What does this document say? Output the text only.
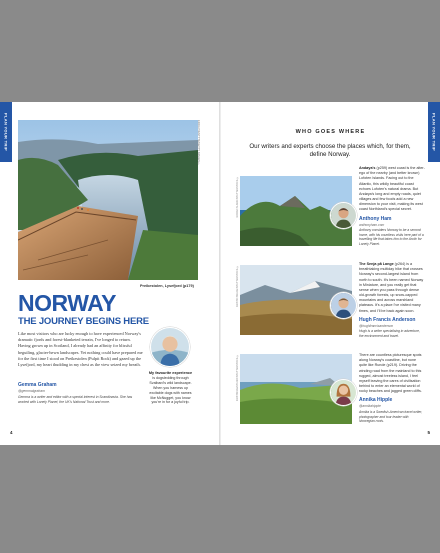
PLAN YOUR TRIP	PLAN YOUR TRIP
ERIKA PIRAITYTE/GETTY IMAGES ©
Preikestolen, Lysefjord (p179)
NORWAY
THE JOURNEY BEGINS HERE
Like most visitors who are lucky enough to have experienced Norway's dramatic fjords and forest-blanketed terrain, I've longed to return. Having grown up in Scotland, I already had an affinity for blissful beguiling, glacier-hewn landscapes. Yet nothing could have prepared me for the first time I stood on Preikestolen (Pulpit Rock) and gazed up the Lysefjord, my heart thudding in my chest as the view seized my breath.
Gemma Graham
@gemmalgraham
Gemma is a writer and editor with a special interest in Scandinavia. She has worked with Lonely Planet, the UK's National Trust and more.
My favourite experience
is dogsledding through Svalbard's wild landscape. When you harness up excitable dogs with names like McNugget, you know you're in for a joyful trip.
4
WHO GOES WHERE
Our writers and experts choose the places which, for them, define Norway.
ROMAN SLAVIK/SHUTTERSTOCK ©
KRISTIN BREDE/SHUTTERSTOCK ©
KRISTINRAESTUDIO/SHUTTERSTOCK ©
Andøya's (p259) west coast is the alter-ego of the nearby (and better known) Lofoten Islands. Facing out to the Atlantic, this wildly beautiful coast echoes Lofoten's natural drama. But Andøya's long and empty roads, quiet villages and few foods add a new dimension to your visit, making its west coast Northland's special secret.
Anthony Ham
anthonyham.com
Anthony considers Norway to be a second home, with his countless visits here part of a travelling life that takes him to the Arctic for Lonely Planet.
The Senja på Lange (p264) is a breathtaking multiday hike that crosses Norway's second-largest island from north to south. It's been named Norway in Miniature, and you really get that sense when you pass through dense old-growth forests, up snow-capped mountains and across marshland plateaus. It's a place I've visited many times, and I'll be back again soon.
Hugh Francis Anderson
@hughfrancisanderson
Hugh is a writer specialising in adventure, the environment and travel.
There are countless picturesque spots along Norway's coastline, but none quite like Runde (p219). Driving the winding road from the mainland to this rugged, almost treeless island, I feel myself leaving the cares of civilisation behind to enter an elemental world of rocky beaches and jagged green cliffs.
Annika Hipple
@annikahipple
Annika is a Swedish-American travel writer, photographer and tour leader with Norwegian roots.
5
